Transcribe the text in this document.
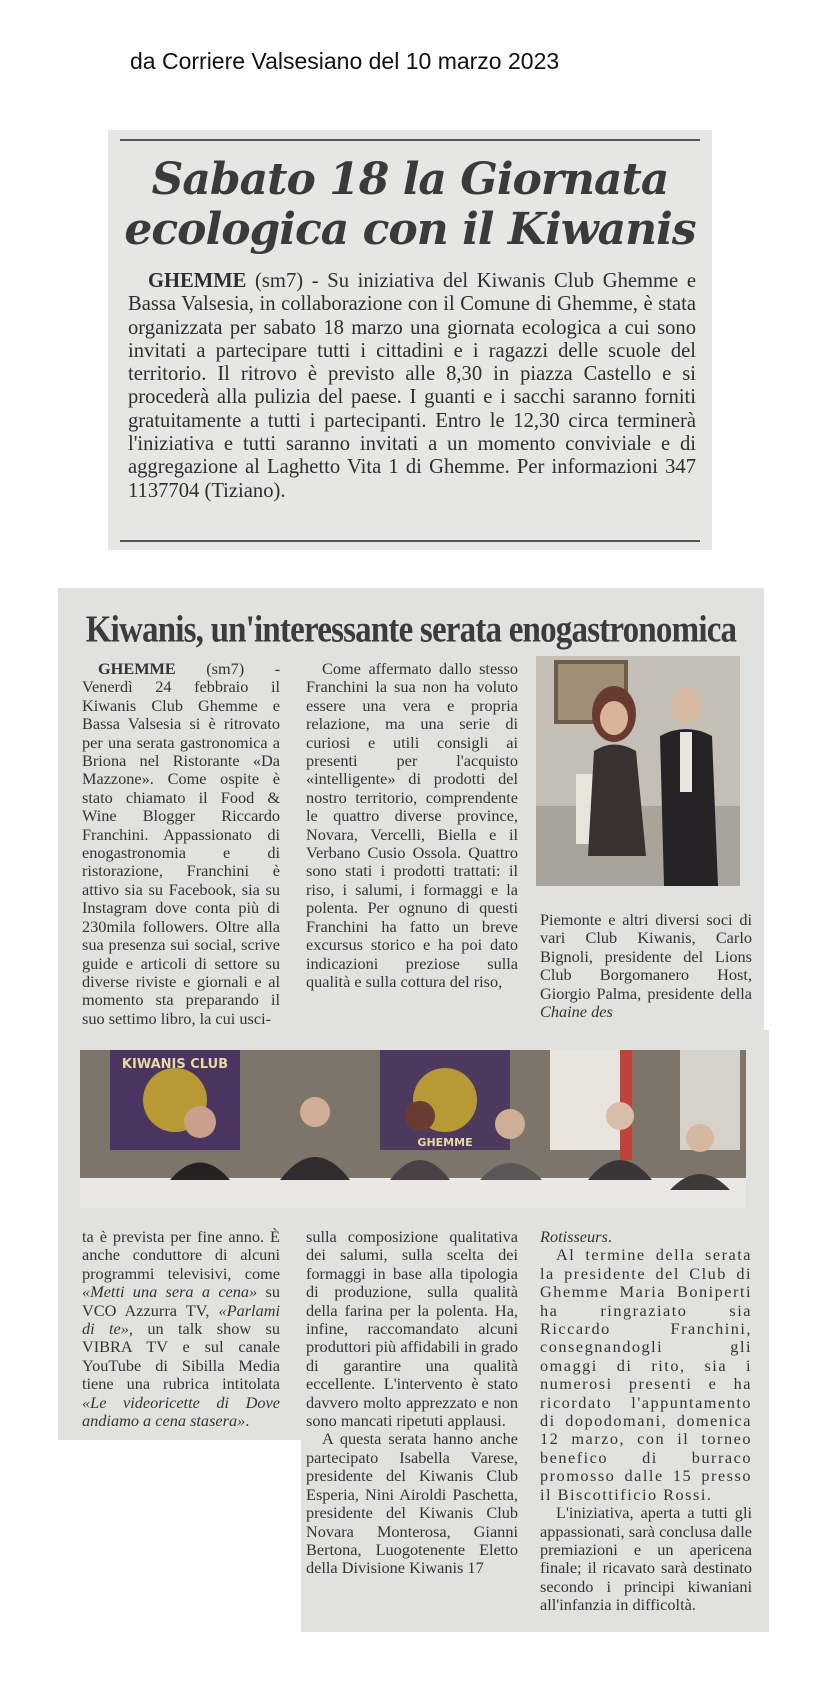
da Corriere Valsesiano del 10 marzo 2023
Sabato 18 la Giornata
ecologica con il Kiwanis

GHEMME (sm7) - Su iniziativa del Kiwanis Club Ghemme e Bassa Valsesia, in collaborazione con il Comune di Ghemme, è stata organizzata per sabato 18 marzo una giornata ecologica a cui sono invitati a partecipare tutti i cittadini e i ragazzi delle scuole del territorio. Il ritrovo è previsto alle 8,30 in piazza Castello e si procederà alla pulizia del paese. I guanti e i sacchi saranno forniti gratuitamente a tutti i partecipanti. Entro le 12,30 circa terminerà l'iniziativa e tutti saranno invitati a un momento conviviale e di aggregazione al Laghetto Vita 1 di Ghemme. Per informazioni 347 1137704 (Tiziano).

Kiwanis, un'interessante serata enogastronomica

GHEMME (sm7) - Venerdì 24 febbraio il Kiwanis Club Ghemme e Bassa Valsesia si è ritrovato per una serata gastronomica a Briona nel Ristorante «Da Mazzone». Come ospite è stato chiamato il Food & Wine Blogger Riccardo Franchini. Appassionato di enogastronomia e di ristorazione, Franchini è attivo sia su Facebook, sia su Instagram dove conta più di 230mila followers. Oltre alla sua presenza sui social, scrive guide e articoli di settore su diverse riviste e giornali e al momento sta preparando il suo settimo libro, la cui usci-

Come affermato dallo stesso Franchini la sua non ha voluto essere una vera e propria relazione, ma una serie di curiosi e utili consigli ai presenti per l'acquisto «intelligente» di prodotti del nostro territorio, comprendente le quattro diverse province, Novara, Vercelli, Biella e il Verbano Cusio Ossola. Quattro sono stati i prodotti trattati: il riso, i salumi, i formaggi e la polenta. Per ognuno di questi Franchini ha fatto un breve excursus storico e ha poi dato indicazioni preziose sulla qualità e sulla cottura del riso,

Piemonte e altri diversi soci di vari Club Kiwanis, Carlo Bignoli, presidente del Lions Club Borgomanero Host, Giorgio Palma, presidente della Chaine des

ta è prevista per fine anno. È anche conduttore di alcuni programmi televisivi, come «Metti una sera a cena» su VCO Azzurra TV, «Parlami di te», un talk show su VIBRA TV e sul canale YouTube di Sibilla Media tiene una rubrica intitolata «Le videoricette di Dove andiamo a cena stasera».

sulla composizione qualitativa dei salumi, sulla scelta dei formaggi in base alla tipologia di produzione, sulla qualità della farina per la polenta. Ha, infine, raccomandato alcuni produttori più affidabili in grado di garantire una qualità eccellente. L'intervento è stato davvero molto apprezzato e non sono mancati ripetuti applausi.

A questa serata hanno anche partecipato Isabella Varese, presidente del Kiwanis Club Esperia, Nini Airoldi Paschetta, presidente del Kiwanis Club Novara Monterosa, Gianni Bertona, Luogotenente Eletto della Divisione Kiwanis 17

Rotisseurs.

Al termine della serata la presidente del Club di Ghemme Maria Boniperti ha ringraziato sia Riccardo Franchini, consegnandogli gli omaggi di rito, sia i numerosi presenti e ha ricordato l'appuntamento di dopodomani, domenica 12 marzo, con il torneo benefico di burraco promosso dalle 15 presso il Biscottificio Rossi.

L'iniziativa, aperta a tutti gli appassionati, sarà conclusa dalle premiazioni e un apericena finale; il ricavato sarà destinato secondo i principi kiwaniani all'infanzia in difficoltà.

KIWANIS CLUB
GHEMME
